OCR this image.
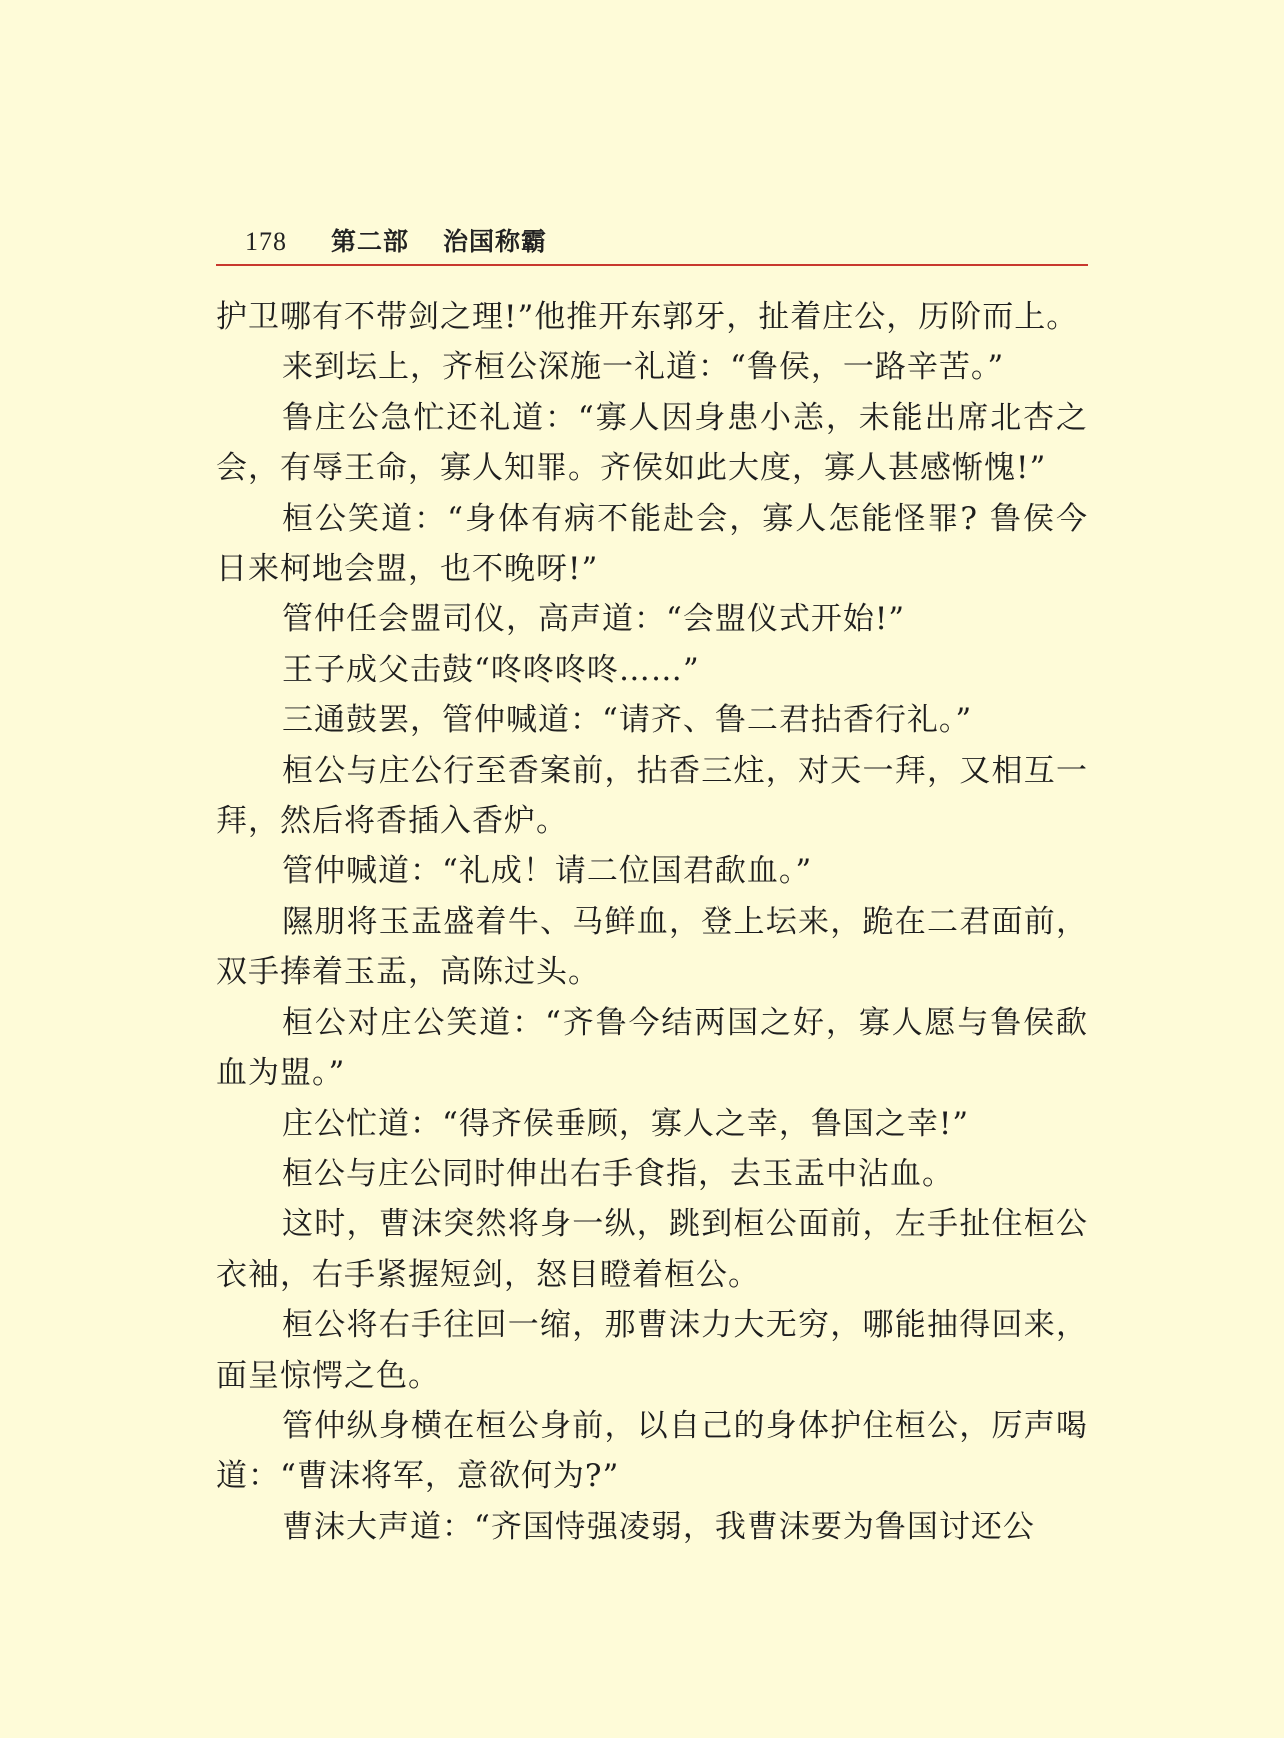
178 第二部 治国称霸

护卫哪有不带剑之理!”他推开东郭牙，扯着庄公，历阶而上。

来到坛上，齐桓公深施一礼道：“鲁侯，一路辛苦。”

鲁庄公急忙还礼道：“寡人因身患小恙，未能出席北杏之会，有辱王命，寡人知罪。齐侯如此大度，寡人甚感惭愧!”

桓公笑道：“身体有病不能赴会，寡人怎能怪罪? 鲁侯今日来柯地会盟，也不晚呀!”

管仲任会盟司仪，高声道：“会盟仪式开始!”

王子成父击鼓“咚咚咚咚……”

三通鼓罢，管仲喊道：“请齐、鲁二君拈香行礼。”

桓公与庄公行至香案前，拈香三炷，对天一拜，又相互一拜，然后将香插入香炉。

管仲喊道：“礼成！请二位国君歃血。”

隰朋将玉盂盛着牛、马鲜血，登上坛来，跪在二君面前，双手捧着玉盂，高陈过头。

桓公对庄公笑道：“齐鲁今结两国之好，寡人愿与鲁侯歃血为盟。”

庄公忙道：“得齐侯垂顾，寡人之幸，鲁国之幸!”

桓公与庄公同时伸出右手食指，去玉盂中沾血。

这时，曹沫突然将身一纵，跳到桓公面前，左手扯住桓公衣袖，右手紧握短剑，怒目瞪着桓公。

桓公将右手往回一缩，那曹沫力大无穷，哪能抽得回来，面呈惊愕之色。

管仲纵身横在桓公身前，以自己的身体护住桓公，厉声喝道：“曹沫将军，意欲何为?”

曹沫大声道：“齐国恃强凌弱，我曹沫要为鲁国讨还公
